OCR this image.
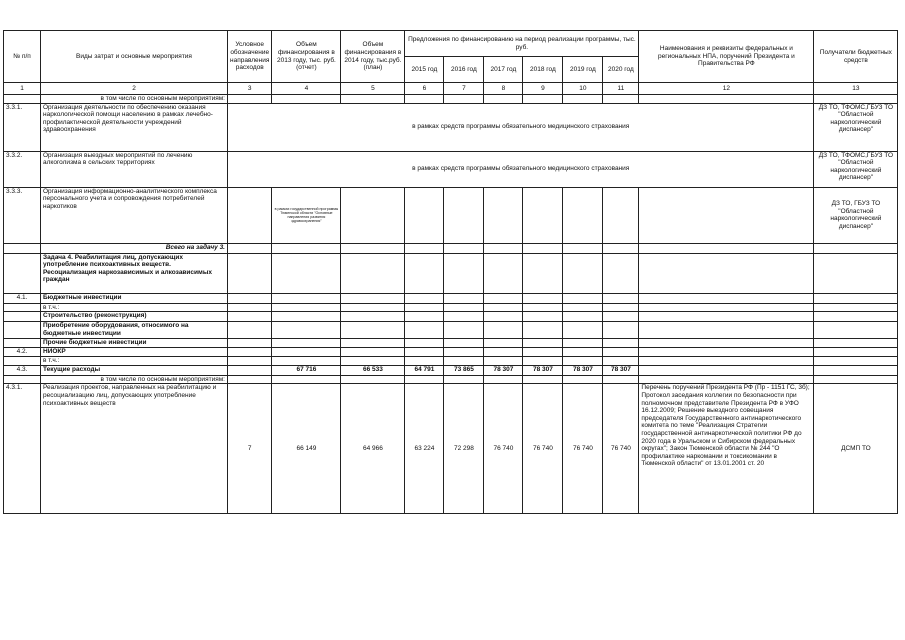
№ п/п	Виды затрат и основные мероприятия	Условное обозначение направления расходов	Объем финансирования в 2013 году, тыс. руб. (отчет)	Объем финансирования в 2014 году, тыс.руб. (план)	Предложения по финансированию на период реализации программы, тыс. руб.						Наименования и реквизиты федеральных и региональных НПА, поручений Президента и Правительства РФ	Получатели бюджетных средств
					2015 год	2016 год	2017 год	2018 год	2019 год	2020 год		
1	2	3	4	5	6	7	8	9	10	11	12	13
	в том числе по основным мероприятиям:											
3.3.1.	Организация деятельности по обеспечению оказания наркологической помощи населению в рамках лечебно-профилактической деятельности учреждений здравоохранения	в рамках средств программы обязательного медицинского страхования										ДЗ ТО, ТФОМС,ГБУЗ ТО "Областной наркологический диспансер"
3.3.2.	Организация выездных мероприятий по лечению алкоголизма в сельских территориях	в рамках средств программы обязательного медицинского страхования										ДЗ ТО, ТФОМС,ГБУЗ ТО "Областной наркологический диспансер"
3.3.3.	Организация информационно-аналитического комплекса персонального учета и сопровождения потребителей наркотиков		в рамках государственной программы Тюменской области "Основные направления развития здравоохранения"									ДЗ ТО, ГБУЗ ТО "Областной наркологический диспансер"
	Всего на задачу 3.											
	Задача 4. Реабилитация лиц, допускающих употребление психоактивных веществ. Ресоциализация наркозависимых и алкозависимых граждан											
4.1.	Бюджетные инвестиции											
	в т.ч.:											
	Строительство (реконструкция)											
	Приобретение оборудования, относимого на бюджетные инвестиции											
	Прочие бюджетные инвестиции											
4.2.	НИОКР											
	в т.ч.:											
4.3.	Текущие расходы		67 716	66 533	64 791	73 865	78 307	78 307	78 307	78 307		
	в том числе по основным мероприятиям:											
4.3.1.	Реализация проектов, направленных на реабилитацию и ресоциализацию лиц, допускающих употребление психоактивных веществ	7	66 149	64 966	63 224	72 298	76 740	76 740	76 740	76 740	Перечень поручений Президента РФ (Пр - 1151 ГС, 3б); Протокол заседания коллегии по безопасности при полномочном представителе Президента РФ в УФО 16.12.2009; Решение выездного совещания председателя Государственного антинаркотического комитета по теме "Реализация Стратегии государственной антинаркотической политики РФ до 2020 года в Уральском и Сибирском федеральных округах"; Закон Тюменской области № 244 "О профилактике наркомании и токсикомании в Тюменской области" от 13.01.2001 ст. 20	ДСМП ТО
